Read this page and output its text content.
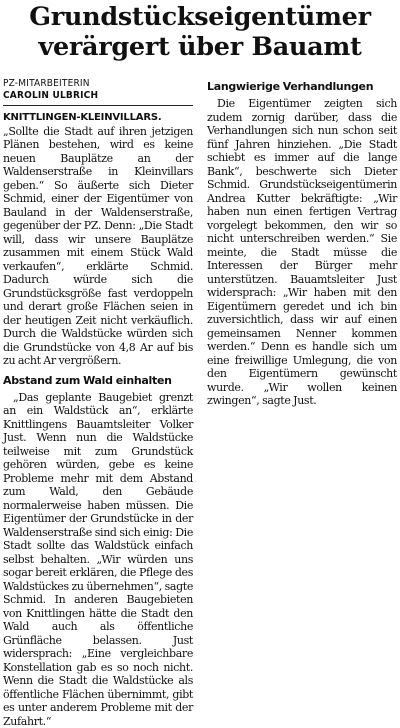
Grundstückseigentümer
verärgert über Bauamt
PZ-MITARBEITERIN
CAROLIN ULBRICH

KNITTLINGEN-KLEINVILLARS. „Sollte die Stadt auf ihren jetzigen Plänen bestehen, wird es keine neuen Bauplätze an der Waldenserstraße in Kleinvillars geben.“ So äußerte sich Dieter Schmid, einer der Eigentümer von Bauland in der Waldenserstraße, gegenüber der PZ. Denn: „Die Stadt will, dass wir unsere Bauplätze zusammen mit einem Stück Wald verkaufen“, erklärte Schmid. Dadurch würde sich die Grundstücksgröße fast verdoppeln und derart große Flächen seien in der heutigen Zeit nicht verkäuflich. Durch die Waldstücke würden sich die Grundstücke von 4,8 Ar auf bis zu acht Ar vergrößern.

Abstand zum Wald einhalten

„Das geplante Baugebiet grenzt an ein Waldstück an“, erklärte Knittlingens Bauamtsleiter Volker Just. Wenn nun die Waldstücke teilweise mit zum Grundstück gehören würden, gebe es keine Probleme mehr mit dem Abstand zum Wald, den Gebäude normalerweise haben müssen. Die Eigentümer der Grundstücke in der Waldenserstraße sind sich einig: Die Stadt sollte das Waldstück einfach selbst behalten. „Wir würden uns sogar bereit erklären, die Pflege des Waldstückes zu übernehmen“, sagte Schmid. In anderen Baugebieten von Knittlingen hätte die Stadt den Wald auch als öffentliche Grünfläche belassen. Just widersprach: „Eine vergleichbare Konstellation gab es so noch nicht. Wenn die Stadt die Waldstücke als öffentliche Flächen übernimmt, gibt es unter anderem Probleme mit der Zufahrt.“

Langwierige Verhandlungen

Die Eigentümer zeigten sich zudem zornig darüber, dass die Verhandlungen sich nun schon seit fünf Jahren hinziehen. „Die Stadt schiebt es immer auf die lange Bank“, beschwerte sich Dieter Schmid. Grundstückseigentümerin Andrea Kutter bekräftigte: „Wir haben nun einen fertigen Vertrag vorgelegt bekommen, den wir so nicht unterschreiben werden.“ Sie meinte, die Stadt müsse die Interessen der Bürger mehr unterstützen. Bauamtsleiter Just widersprach: „Wir haben mit den Eigentümern geredet und ich bin zuversichtlich, dass wir auf einen gemeinsamen Nenner kommen werden.“ Denn es handle sich um eine freiwillige Umlegung, die von den Eigentümern gewünscht wurde. „Wir wollen keinen zwingen“, sagte Just.
